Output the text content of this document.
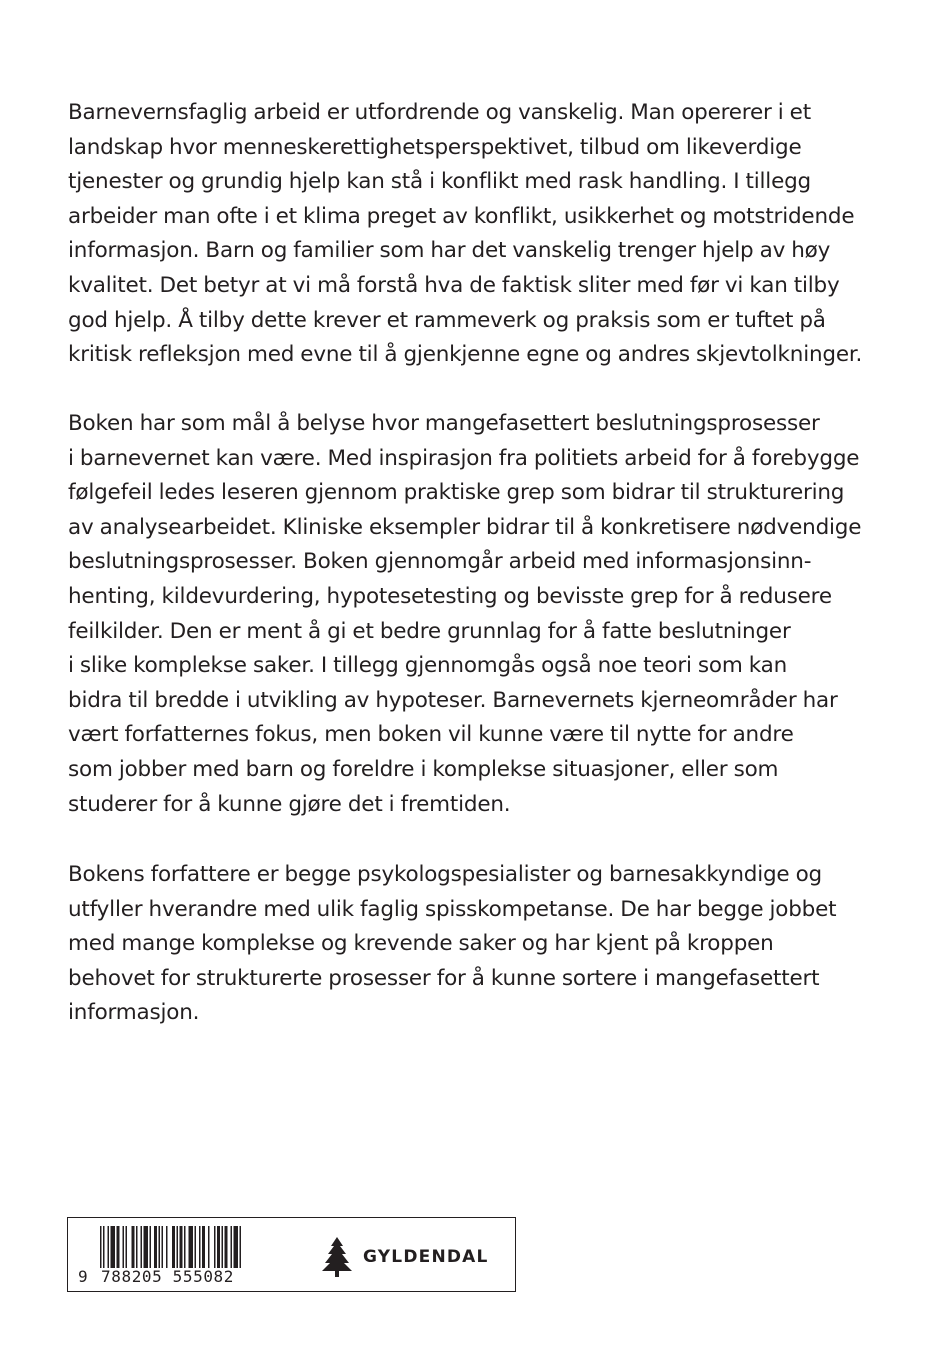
Barnevernsfaglig arbeid er utfordrende og vanskelig. Man opererer i et
landskap hvor menneskerettighetsperspektivet, tilbud om likeverdige
tjenester og grundig hjelp kan stå i konflikt med rask handling. I tillegg
arbeider man ofte i et klima preget av konflikt, usikkerhet og motstridende
informasjon. Barn og familier som har det vanskelig trenger hjelp av høy
kvalitet. Det betyr at vi må forstå hva de faktisk sliter med før vi kan tilby
god hjelp. Å tilby dette krever et rammeverk og praksis som er tuftet på
kritisk refleksjon med evne til å gjenkjenne egne og andres skjevtolkninger.

Boken har som mål å belyse hvor mangefasettert beslutningsprosesser
i barnevernet kan være. Med inspirasjon fra politiets arbeid for å forebygge
følgefeil ledes leseren gjennom praktiske grep som bidrar til strukturering
av analysearbeidet. Kliniske eksempler bidrar til å konkretisere nødvendige
beslutningsprosesser. Boken gjennomgår arbeid med informasjonsinn-
henting, kildevurdering, hypotesetesting og bevisste grep for å redusere
feilkilder. Den er ment å gi et bedre grunnlag for å fatte beslutninger
i slike komplekse saker. I tillegg gjennomgås også noe teori som kan
bidra til bredde i utvikling av hypoteser. Barnevernets kjerneområder har
vært forfatternes fokus, men boken vil kunne være til nytte for andre
som jobber med barn og foreldre i komplekse situasjoner, eller som
studerer for å kunne gjøre det i fremtiden.

Bokens forfattere er begge psykologspesialister og barnesakkyndige og
utfyller hverandre med ulik faglig spisskompetanse. De har begge jobbet
med mange komplekse og krevende saker og har kjent på kroppen
behovet for strukturerte prosesser for å kunne sortere i mangefasettert
informasjon.

9 788205 555082
GYLDENDAL
